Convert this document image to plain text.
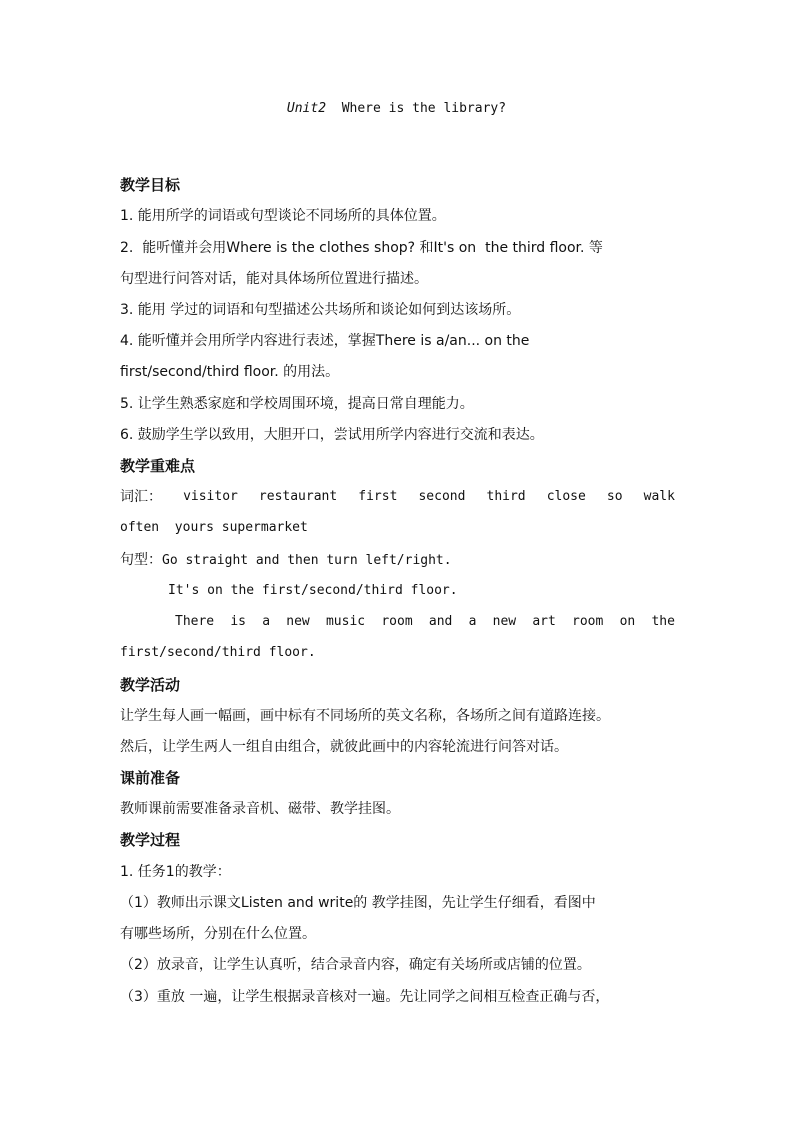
Unit2 Where is the library?
教学目标
1. 能用所学的词语或句型谈论不同场所的具体位置。
2.  能听懂并会用Where is the clothes shop? 和It's on  the third floor. 等
句型进行问答对话，能对具体场所位置进行描述。
3. 能用 学过的词语和句型描述公共场所和谈论如何到达该场所。
4. 能听懂并会用所学内容进行表述，掌握There is a/an... on the
first/second/third floor. 的用法。
5. 让学生熟悉家庭和学校周围环境，提高日常自理能力。
6. 鼓励学生学以致用，大胆开口，尝试用所学内容进行交流和表达。
教学重难点
词汇： visitor restaurant first second third close so walk
often  yours supermarket
句型：Go straight and then turn left/right.
It's on the first/second/third floor.
There is a new music room and a new art room on the
first/second/third floor.
教学活动
让学生每人画一幅画，画中标有不同场所的英文名称，各场所之间有道路连接。
然后，让学生两人一组自由组合，就彼此画中的内容轮流进行问答对话。
课前准备
教师课前需要准备录音机、磁带、教学挂图。
教学过程
1. 任务1的教学：
（1）教师出示课文Listen and write的 教学挂图，先让学生仔细看，看图中
有哪些场所，分别在什么位置。
（2）放录音，让学生认真听，结合录音内容，确定有关场所或店铺的位置。
（3）重放 一遍，让学生根据录音核对一遍。先让同学之间相互检查正确与否，
